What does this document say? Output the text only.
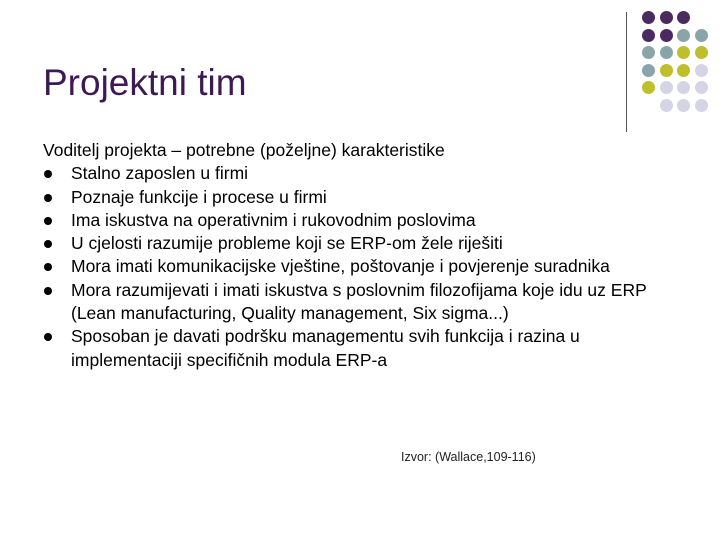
Projektni tim

Voditelj projekta – potrebne (poželjne) karakteristike

Stalno zaposlen u firmi
Poznaje funkcije i procese u firmi
Ima iskustva na operativnim i rukovodnim poslovima
U cjelosti razumije probleme koji se ERP-om žele riješiti
Mora imati komunikacijske vještine, poštovanje i povjerenje suradnika
Mora razumijevati i imati iskustva s poslovnim filozofijama koje idu uz ERP (Lean manufacturing, Quality management, Six sigma...)
Sposoban je davati podršku managementu svih funkcija i razina u implementaciji specifičnih modula ERP-a
Izvor: (Wallace,109-116)
